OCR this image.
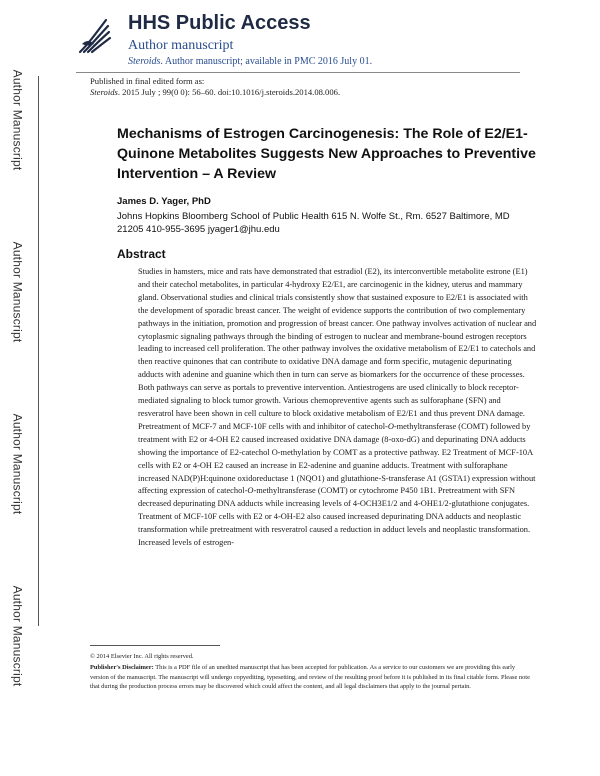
Author Manuscript
Author Manuscript
Author Manuscript
Author Manuscript
HHS Public Access
Author manuscript
Steroids. Author manuscript; available in PMC 2016 July 01.
Published in final edited form as:
Steroids. 2015 July ; 99(0 0): 56–60. doi:10.1016/j.steroids.2014.08.006.
Mechanisms of Estrogen Carcinogenesis: The Role of E2/E1-Quinone Metabolites Suggests New Approaches to Preventive Intervention – A Review
James D. Yager, PhD
Johns Hopkins Bloomberg School of Public Health 615 N. Wolfe St., Rm. 6527 Baltimore, MD 21205 410-955-3695 jyager1@jhu.edu
Abstract
Studies in hamsters, mice and rats have demonstrated that estradiol (E2), its interconvertible metabolite estrone (E1) and their catechol metabolites, in particular 4-hydroxy E2/E1, are carcinogenic in the kidney, uterus and mammary gland. Observational studies and clinical trials consistently show that sustained exposure to E2/E1 is associated with the development of sporadic breast cancer. The weight of evidence supports the contribution of two complementary pathways in the initiation, promotion and progression of breast cancer. One pathway involves activation of nuclear and cytoplasmic signaling pathways through the binding of estrogen to nuclear and membrane-bound estrogen receptors leading to increased cell proliferation. The other pathway involves the oxidative metabolism of E2/E1 to catechols and then reactive quinones that can contribute to oxidative DNA damage and form specific, mutagenic depurinating adducts with adenine and guanine which then in turn can serve as biomarkers for the occurrence of these processes. Both pathways can serve as portals to preventive intervention. Antiestrogens are used clinically to block receptor-mediated signaling to block tumor growth. Various chemopreventive agents such as sulforaphane (SFN) and resveratrol have been shown in cell culture to block oxidative metabolism of E2/E1 and thus prevent DNA damage. Pretreatment of MCF-7 and MCF-10F cells with and inhibitor of catechol-O-methyltransferase (COMT) followed by treatment with E2 or 4-OH E2 caused increased oxidative DNA damage (8-oxo-dG) and depurinating DNA adducts showing the importance of E2-catechol O-methylation by COMT as a protective pathway. E2 Treatment of MCF-10A cells with E2 or 4-OH E2 caused an increase in E2-adenine and guanine adducts. Treatment with sulforaphane increased NAD(P)H:quinone oxidoreductase 1 (NQO1) and glutathione-S-transferase A1 (GSTA1) expression without affecting expression of catechol-O-methyltransferase (COMT) or cytochrome P450 1B1. Pretreatment with SFN decreased depurinating DNA adducts while increasing levels of 4-OCH3E1/2 and 4-OHE1/2-glutathione conjugates. Treatment of MCF-10F cells with E2 or 4-OH-E2 also caused increased depurinating DNA adducts and neoplastic transformation while pretreatment with resveratrol caused a reduction in adduct levels and neoplastic transformation. Increased levels of estrogen-
© 2014 Elsevier Inc. All rights reserved.
Publisher's Disclaimer: This is a PDF file of an unedited manuscript that has been accepted for publication. As a service to our customers we are providing this early version of the manuscript. The manuscript will undergo copyediting, typesetting, and review of the resulting proof before it is published in its final citable form. Please note that during the production process errors may be discovered which could affect the content, and all legal disclaimers that apply to the journal pertain.
